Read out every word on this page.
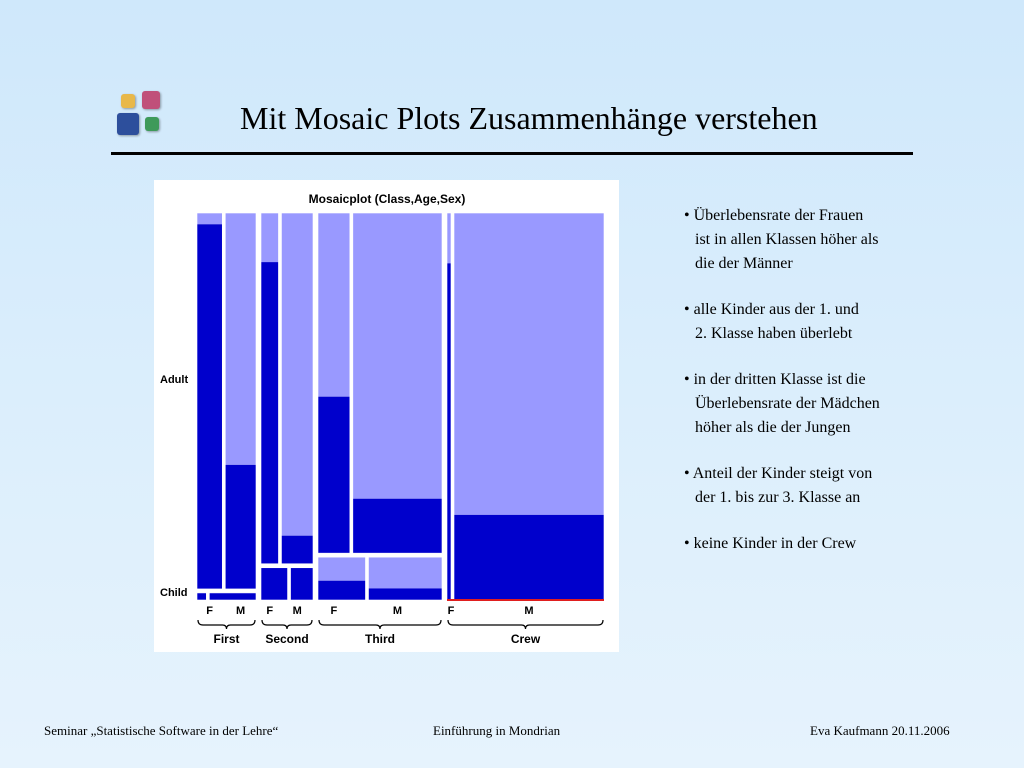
Mit Mosaic Plots Zusammenhänge verstehen
Mosaicplot (Class,Age,Sex)
Adult
Child
F M F M	F	M	F	M
First Second	Third	Crew
• Überlebensrate der Frauen
ist in allen Klassen höher als
die der Männer
• alle Kinder aus der 1. und
2. Klasse haben überlebt
• in der dritten Klasse ist die
Überlebensrate der Mädchen
höher als die der Jungen
• Anteil der Kinder steigt von
der 1. bis zur 3. Klasse an
• keine Kinder in der Crew
Seminar „Statistische Software in der Lehre“	Einführung in Mondrian	Eva Kaufmann 20.11.2006
